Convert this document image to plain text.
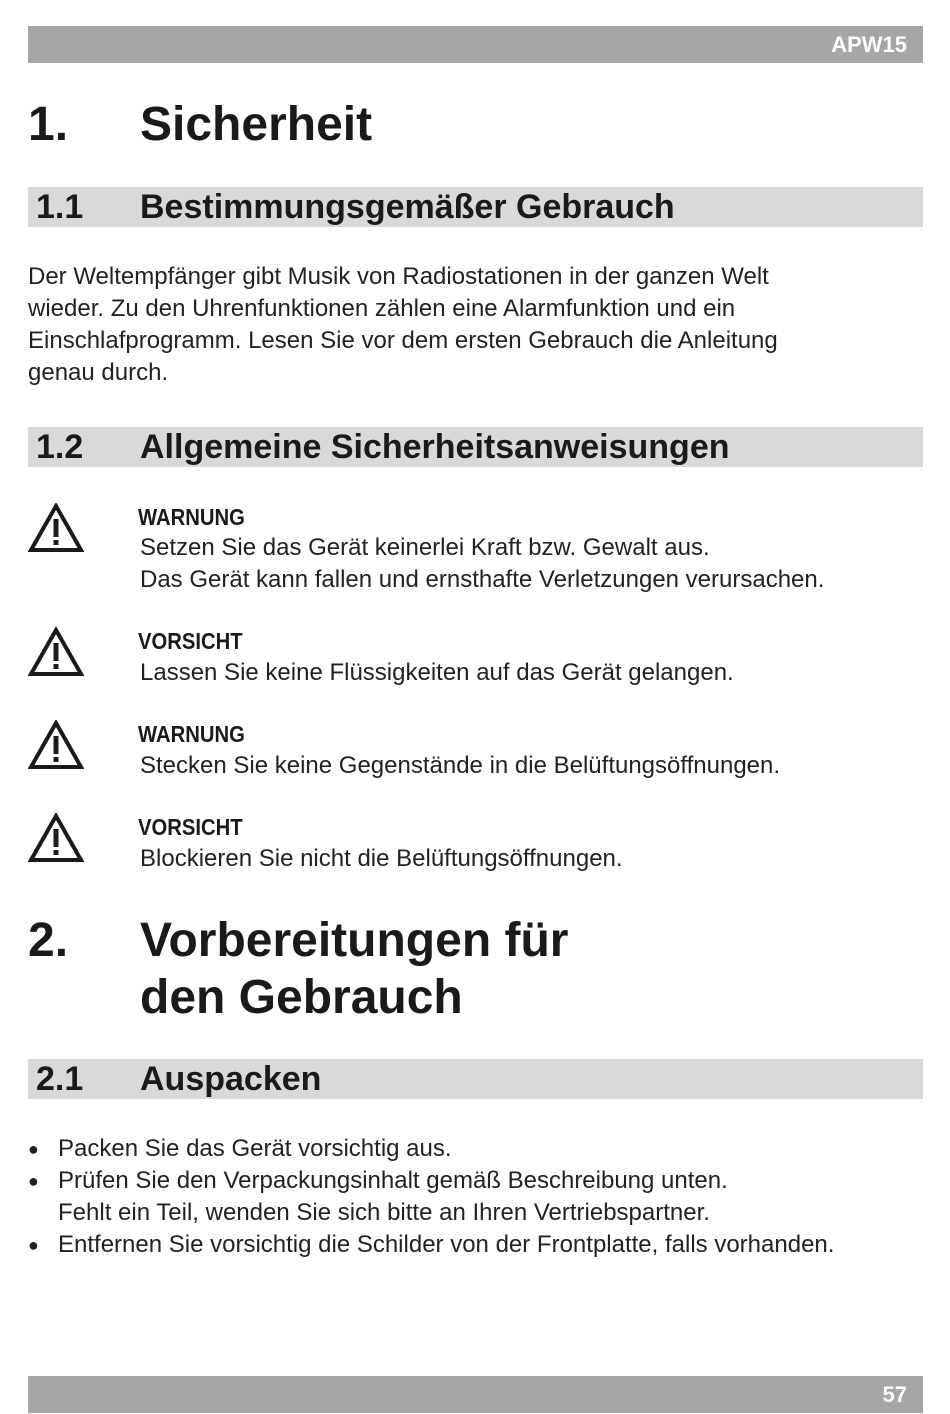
APW15
1. Sicherheit
1.1 Bestimmungsgemäßer Gebrauch
Der Weltempfänger gibt Musik von Radiostationen in der ganzen Welt
wieder. Zu den Uhrenfunktionen zählen eine Alarmfunktion und ein
Einschlafprogramm. Lesen Sie vor dem ersten Gebrauch die Anleitung
genau durch.
1.2 Allgemeine Sicherheitsanweisungen
WARNUNG
Setzen Sie das Gerät keinerlei Kraft bzw. Gewalt aus.
Das Gerät kann fallen und ernsthafte Verletzungen verursachen.
VORSICHT
Lassen Sie keine Flüssigkeiten auf das Gerät gelangen.
WARNUNG
Stecken Sie keine Gegenstände in die Belüftungsöffnungen.
VORSICHT
Blockieren Sie nicht die Belüftungsöffnungen.
2. Vorbereitungen für
den Gebrauch
2.1 Auspacken
● Packen Sie das Gerät vorsichtig aus.
● Prüfen Sie den Verpackungsinhalt gemäß Beschreibung unten.
Fehlt ein Teil, wenden Sie sich bitte an Ihren Vertriebspartner.
● Entfernen Sie vorsichtig die Schilder von der Frontplatte, falls vorhanden.
57
